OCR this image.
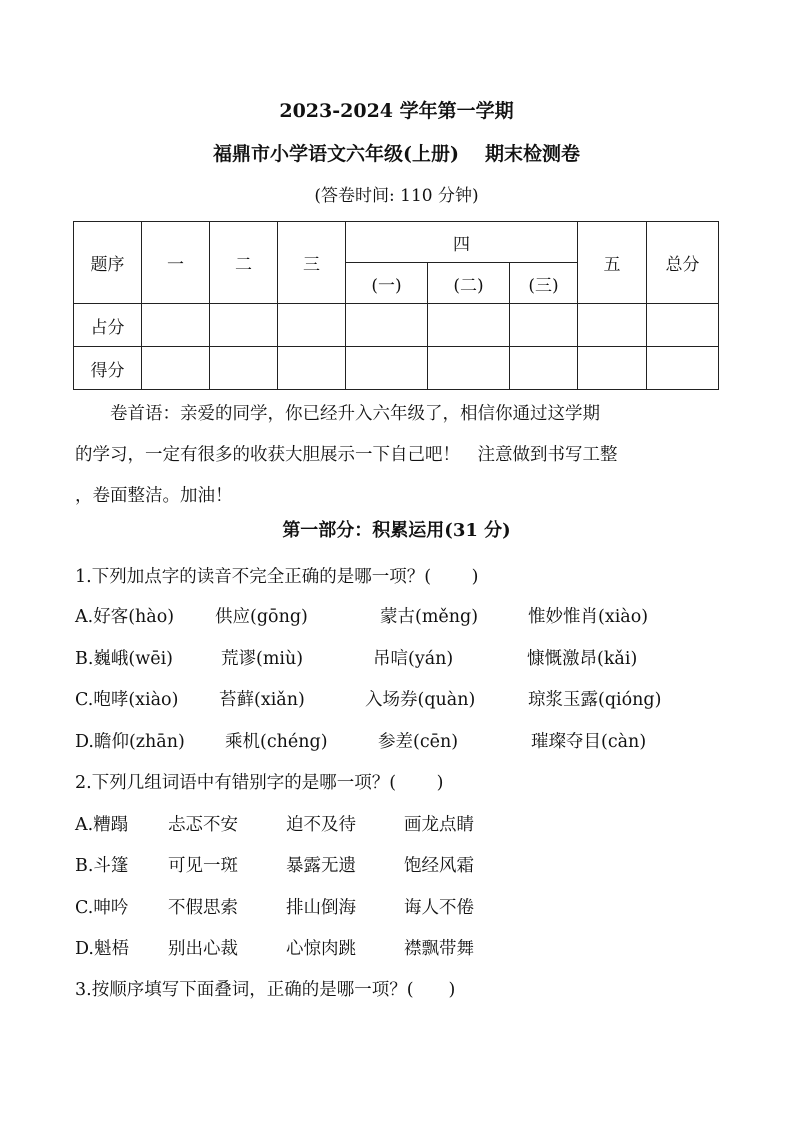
2023-2024 学年第一学期
福鼎市小学语文六年级(上册) 期末检测卷
(答卷时间: 110 分钟)
题序	一	二	三	四			五	总分
				(一)	(二)	(三)		
占分								
得分								

卷首语：亲爱的同学，你已经升入六年级了，相信你通过这学期

的学习，一定有很多的收获大胆展示一下自己吧！　注意做到书写工整

，卷面整洁。加油！

第一部分：积累运用(31 分)
1.下列加点字的读音不完全正确的是哪一项？(　　 )
A.好客(hào) 供应(gōng)	蒙古(měng)	惟妙惟肖(xiào)
B.巍峨(wēi)	荒谬(miù)	吊唁(yán)	慷慨激昂(kǎi)
C.咆哮(xiào) 苔藓(xiǎn)	入场券(quàn)	琼浆玉露(qióng)
D.瞻仰(zhān) 乘机(chéng)	参差(cēn)	璀璨夺目(càn)
2.下列几组词语中有错别字的是哪一项？(　　 )
A.糟蹋 忐忑不安	迫不及待	画龙点睛
B.斗篷 可见一斑	暴露无遗	饱经风霜
C.呻吟 不假思索	排山倒海	诲人不倦
D.魁梧 别出心裁	心惊肉跳	襟飘带舞
3.按顺序填写下面叠词，正确的是哪一项？(　　)
